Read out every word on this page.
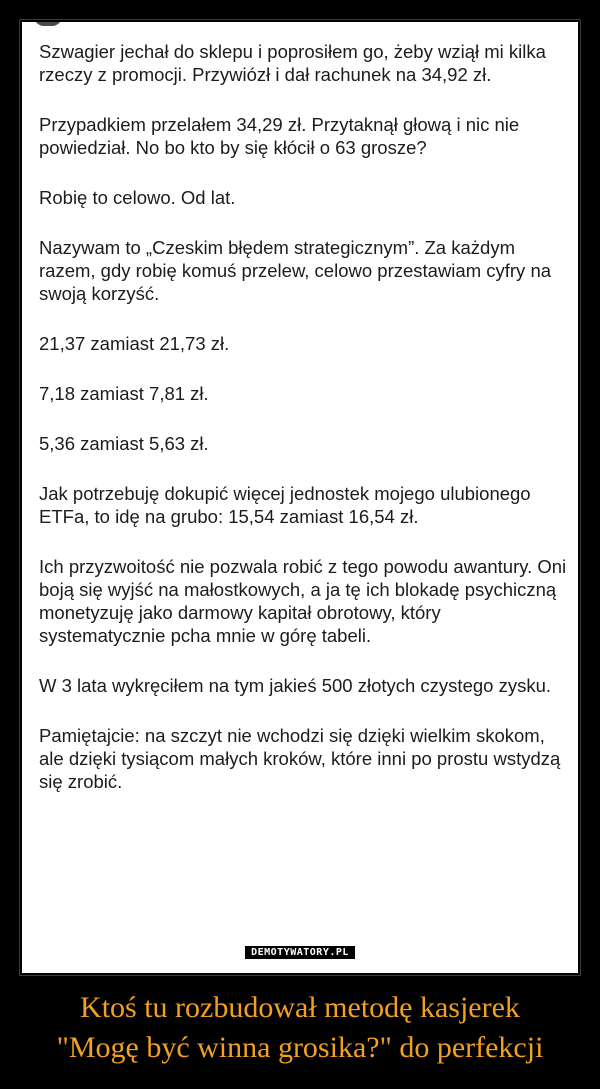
Szwagier jechał do sklepu i poprosiłem go, żeby wziął mi kilka rzeczy z promocji. Przywiózł i dał rachunek na 34,92 zł.

Przypadkiem przelałem 34,29 zł. Przytaknął głową i nic nie powiedział. No bo kto by się kłócił o 63 grosze?

Robię to celowo. Od lat.

Nazywam to „Czeskim błędem strategicznym”. Za każdym razem, gdy robię komuś przelew, celowo przestawiam cyfry na swoją korzyść.

21,37 zamiast 21,73 zł.

7,18 zamiast 7,81 zł.

5,36 zamiast 5,63 zł.

Jak potrzebuję dokupić więcej jednostek mojego ulubionego ETFa, to idę na grubo: 15,54 zamiast 16,54 zł.

Ich przyzwoitość nie pozwala robić z tego powodu awantury. Oni boją się wyjść na małostkowych, a ja tę ich blokadę psychiczną monetyzuję jako darmowy kapitał obrotowy, który systematycznie pcha mnie w górę tabeli.

W 3 lata wykręciłem na tym jakieś 500 złotych czystego zysku.

Pamiętajcie: na szczyt nie wchodzi się dzięki wielkim skokom, ale dzięki tysiącom małych kroków, które inni po prostu wstydzą się zrobić.

DEMOTYWATORY.PL
Ktoś tu rozbudował metodę kasjerek
"Mogę być winna grosika?" do perfekcji
